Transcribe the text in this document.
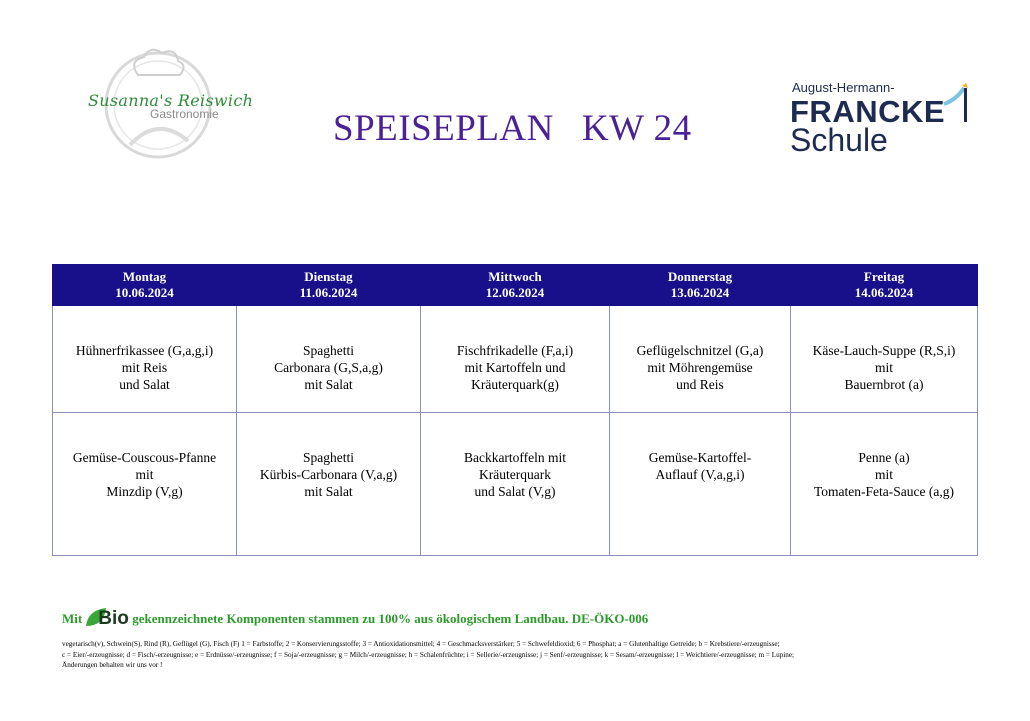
Susanna's Reiswich
Gastronomie	SPEISEPLAN KW 24
August-Hermann-
FRANCKE
Schule
Montag
10.06.2024	Dienstag
11.06.2024	Mittwoch
12.06.2024	Donnerstag
13.06.2024	Freitag
14.06.2024

Hühnerfrikassee (G,a,g,i)
mit Reis
und Salat	Spaghetti
Carbonara (G,S,a,g)
mit Salat	Fischfrikadelle (F,a,i)
mit Kartoffeln und
Kräuterquark(g)	Geflügelschnitzel (G,a)
mit Möhrengemüse
und Reis	Käse-Lauch-Suppe (R,S,i)
mit
Bauernbrot (a)

Gemüse-Couscous-Pfanne
mit
Minzdip (V,g)	Spaghetti
Kürbis-Carbonara (V,a,g)
mit Salat	Backkartoffeln mit
Kräuterquark
und Salat (V,g)	Gemüse-Kartoffel-
Auflauf (V,a,g,i)	Penne (a)
mit
Tomaten-Feta-Sauce (a,g)
Mit Bio gekennzeichnete Komponenten stammen zu 100% aus ökologischem Landbau. DE-ÖKO-006
vegetarisch(v), Schwein(S), Rind (R), Geflügel (G), Fisch (F) 1 = Farbstoffe; 2 = Konservierungsstoffe; 3 = Antioxidationsmittel; 4 = Geschmacksverstärker; 5 = Schwefeldioxid; 6 = Phosphat; a = Glutenhaltige Getreide; b = Krebstiere/-erzeugnisse;
c = Eier/-erzeugnisse; d = Fisch/-erzeugnisse; e = Erdnüsse/-erzeugnisse; f = Soja/-erzeugnisse; g = Milch/-erzeugnisse; h = Schalenfrüchte; i = Sellerie/-erzeugnisse; j = Senf/-erzeugnisse; k = Sesam/-erzeugnisse; l = Weichtiere/-erzeugnisse; m = Lupine;
Änderungen behalten wir uns vor !
